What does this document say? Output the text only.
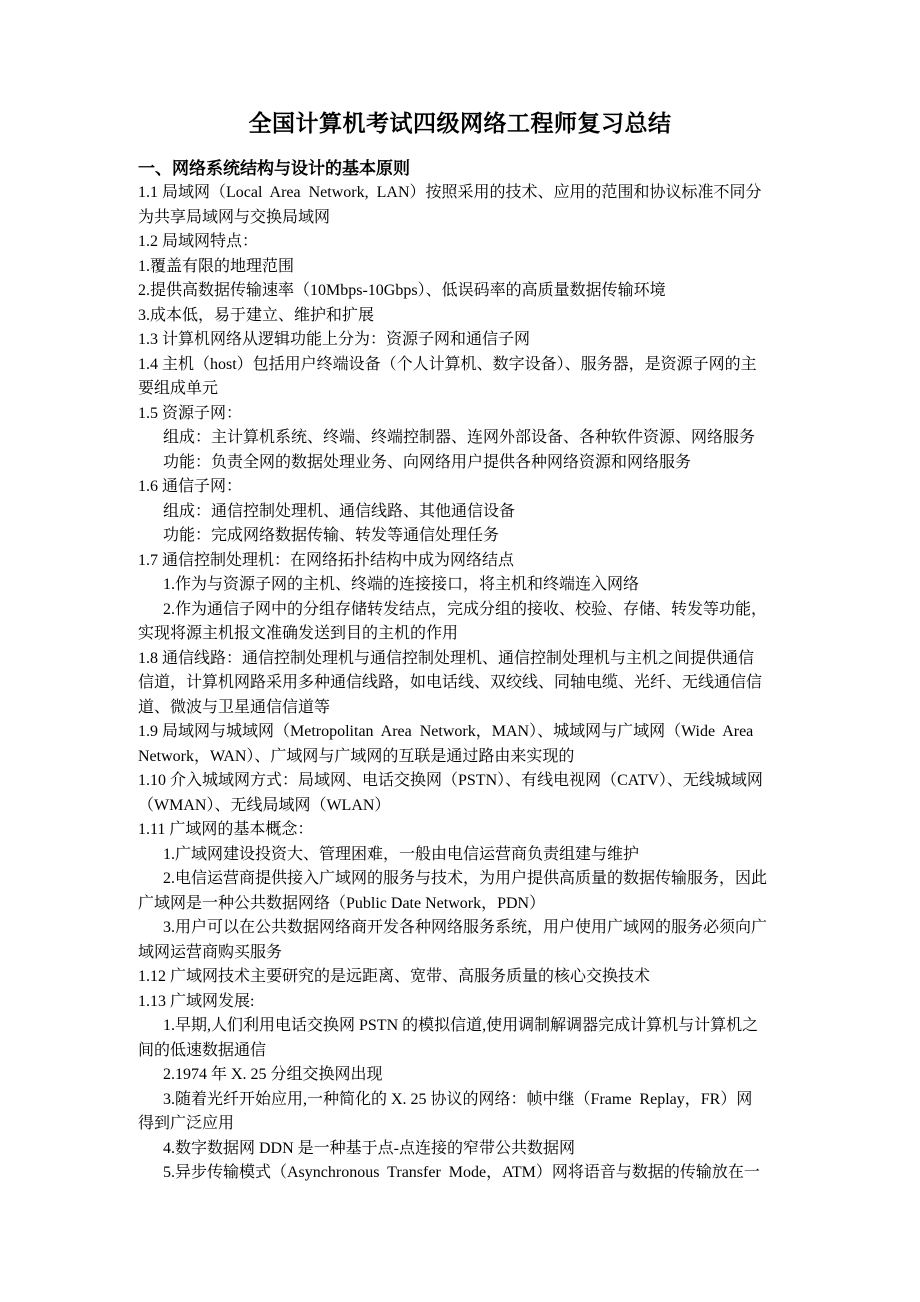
全国计算机考试四级网络工程师复习总结
一、网络系统结构与设计的基本原则
1.1 局域网（Local  Area  Network,  LAN）按照采用的技术、应用的范围和协议标准不同分
为共享局域网与交换局域网
1.2 局域网特点：
1.覆盖有限的地理范围
2.提供高数据传输速率（10Mbps-10Gbps）、低误码率的高质量数据传输环境
3.成本低，易于建立、维护和扩展
1.3 计算机网络从逻辑功能上分为：资源子网和通信子网
1.4 主机（host）包括用户终端设备（个人计算机、数字设备）、服务器，是资源子网的主
要组成单元
1.5 资源子网：
组成：主计算机系统、终端、终端控制器、连网外部设备、各种软件资源、网络服务
功能：负责全网的数据处理业务、向网络用户提供各种网络资源和网络服务
1.6 通信子网：
组成：通信控制处理机、通信线路、其他通信设备
功能：完成网络数据传输、转发等通信处理任务
1.7 通信控制处理机：在网络拓扑结构中成为网络结点
1.作为与资源子网的主机、终端的连接接口，将主机和终端连入网络
2.作为通信子网中的分组存储转发结点，完成分组的接收、校验、存储、转发等功能，
实现将源主机报文准确发送到目的主机的作用
1.8 通信线路：通信控制处理机与通信控制处理机、通信控制处理机与主机之间提供通信
信道，计算机网路采用多种通信线路，如电话线、双绞线、同轴电缆、光纤、无线通信信
道、微波与卫星通信信道等
1.9 局域网与城域网（Metropolitan  Area  Network，MAN）、城域网与广域网（Wide  Area
Network，WAN）、广域网与广域网的互联是通过路由来实现的
1.10 介入城域网方式：局域网、电话交换网（PSTN）、有线电视网（CATV）、无线城域网
（WMAN）、无线局域网（WLAN）
1.11 广域网的基本概念：
1.广域网建设投资大、管理困难，一般由电信运营商负责组建与维护
2.电信运营商提供接入广域网的服务与技术，为用户提供高质量的数据传输服务，因此
广域网是一种公共数据网络（Public Date Network，PDN）
3.用户可以在公共数据网络商开发各种网络服务系统，用户使用广域网的服务必须向广
域网运营商购买服务
1.12 广域网技术主要研究的是远距离、宽带、高服务质量的核心交换技术
1.13 广域网发展:
1.早期,人们利用电话交换网 PSTN 的模拟信道,使用调制解调器完成计算机与计算机之
间的低速数据通信
2.1974 年 X. 25 分组交换网出现
3.随着光纤开始应用,一种简化的 X. 25 协议的网络：帧中继（Frame  Replay，FR）网
得到广泛应用
4.数字数据网 DDN 是一种基于点-点连接的窄带公共数据网
5.异步传输模式（Asynchronous  Transfer  Mode，ATM）网将语音与数据的传输放在一
